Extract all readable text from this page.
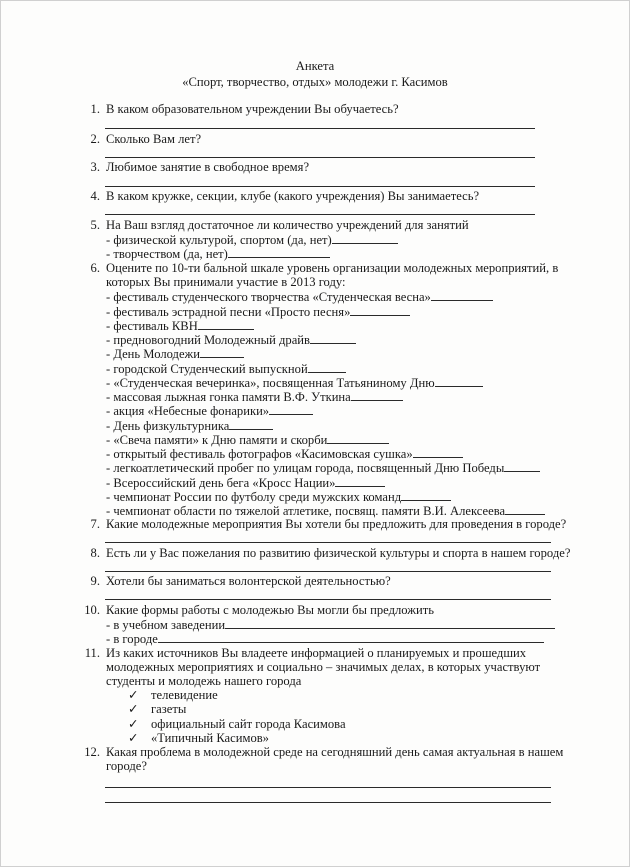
Анкета
«Спорт, творчество, отдых» молодежи г. Касимов
1. В каком образовательном учреждении Вы обучаетесь?
2. Сколько Вам лет?
3. Любимое занятие в свободное время?
4. В каком кружке, секции, клубе (какого учреждения) Вы занимаетесь?
5. На Ваш взгляд достаточное ли количество учреждений для занятий
- физической культурой, спортом (да, нет)
- творчеством (да, нет)
6. Оцените по 10-ти бальной шкале уровень организации молодежных мероприятий, в
которых Вы принимали участие в 2013 году:
- фестиваль студенческого творчества «Студенческая весна»
- фестиваль эстрадной песни «Просто песня»
- фестиваль КВН
- предновогодний Молодежный драйв
- День Молодежи
- городской Студенческий выпускной
- «Студенческая вечеринка», посвященная Татьяниному Дню
- массовая лыжная гонка памяти В.Ф. Уткина
- акция «Небесные фонарики»
- День физкультурника
- «Свеча памяти» к Дню памяти и скорби
- открытый фестиваль фотографов «Касимовская сушка»
- легкоатлетический пробег по улицам города, посвященный Дню Победы
- Всероссийский день бега «Кросс Нации»
- чемпионат России по футболу среди мужских команд
- чемпионат области по тяжелой атлетике, посвящ. памяти В.И. Алексеева
7. Какие молодежные мероприятия Вы хотели бы предложить для проведения в городе?
8. Есть ли у Вас пожелания по развитию физической культуры и спорта в нашем городе?
9. Хотели бы заниматься волонтерской деятельностью?
10. Какие формы работы с молодежью Вы могли бы предложить
- в учебном заведении
- в городе
11. Из каких источников Вы владеете информацией о планируемых и прошедших
молодежных мероприятиях и социально – значимых делах, в которых участвуют
студенты и молодежь нашего города
✓ телевидение
✓ газеты
✓ официальный сайт города Касимова
✓ «Типичный Касимов»
12. Какая проблема в молодежной среде на сегодняшний день самая актуальная в нашем
городе?
